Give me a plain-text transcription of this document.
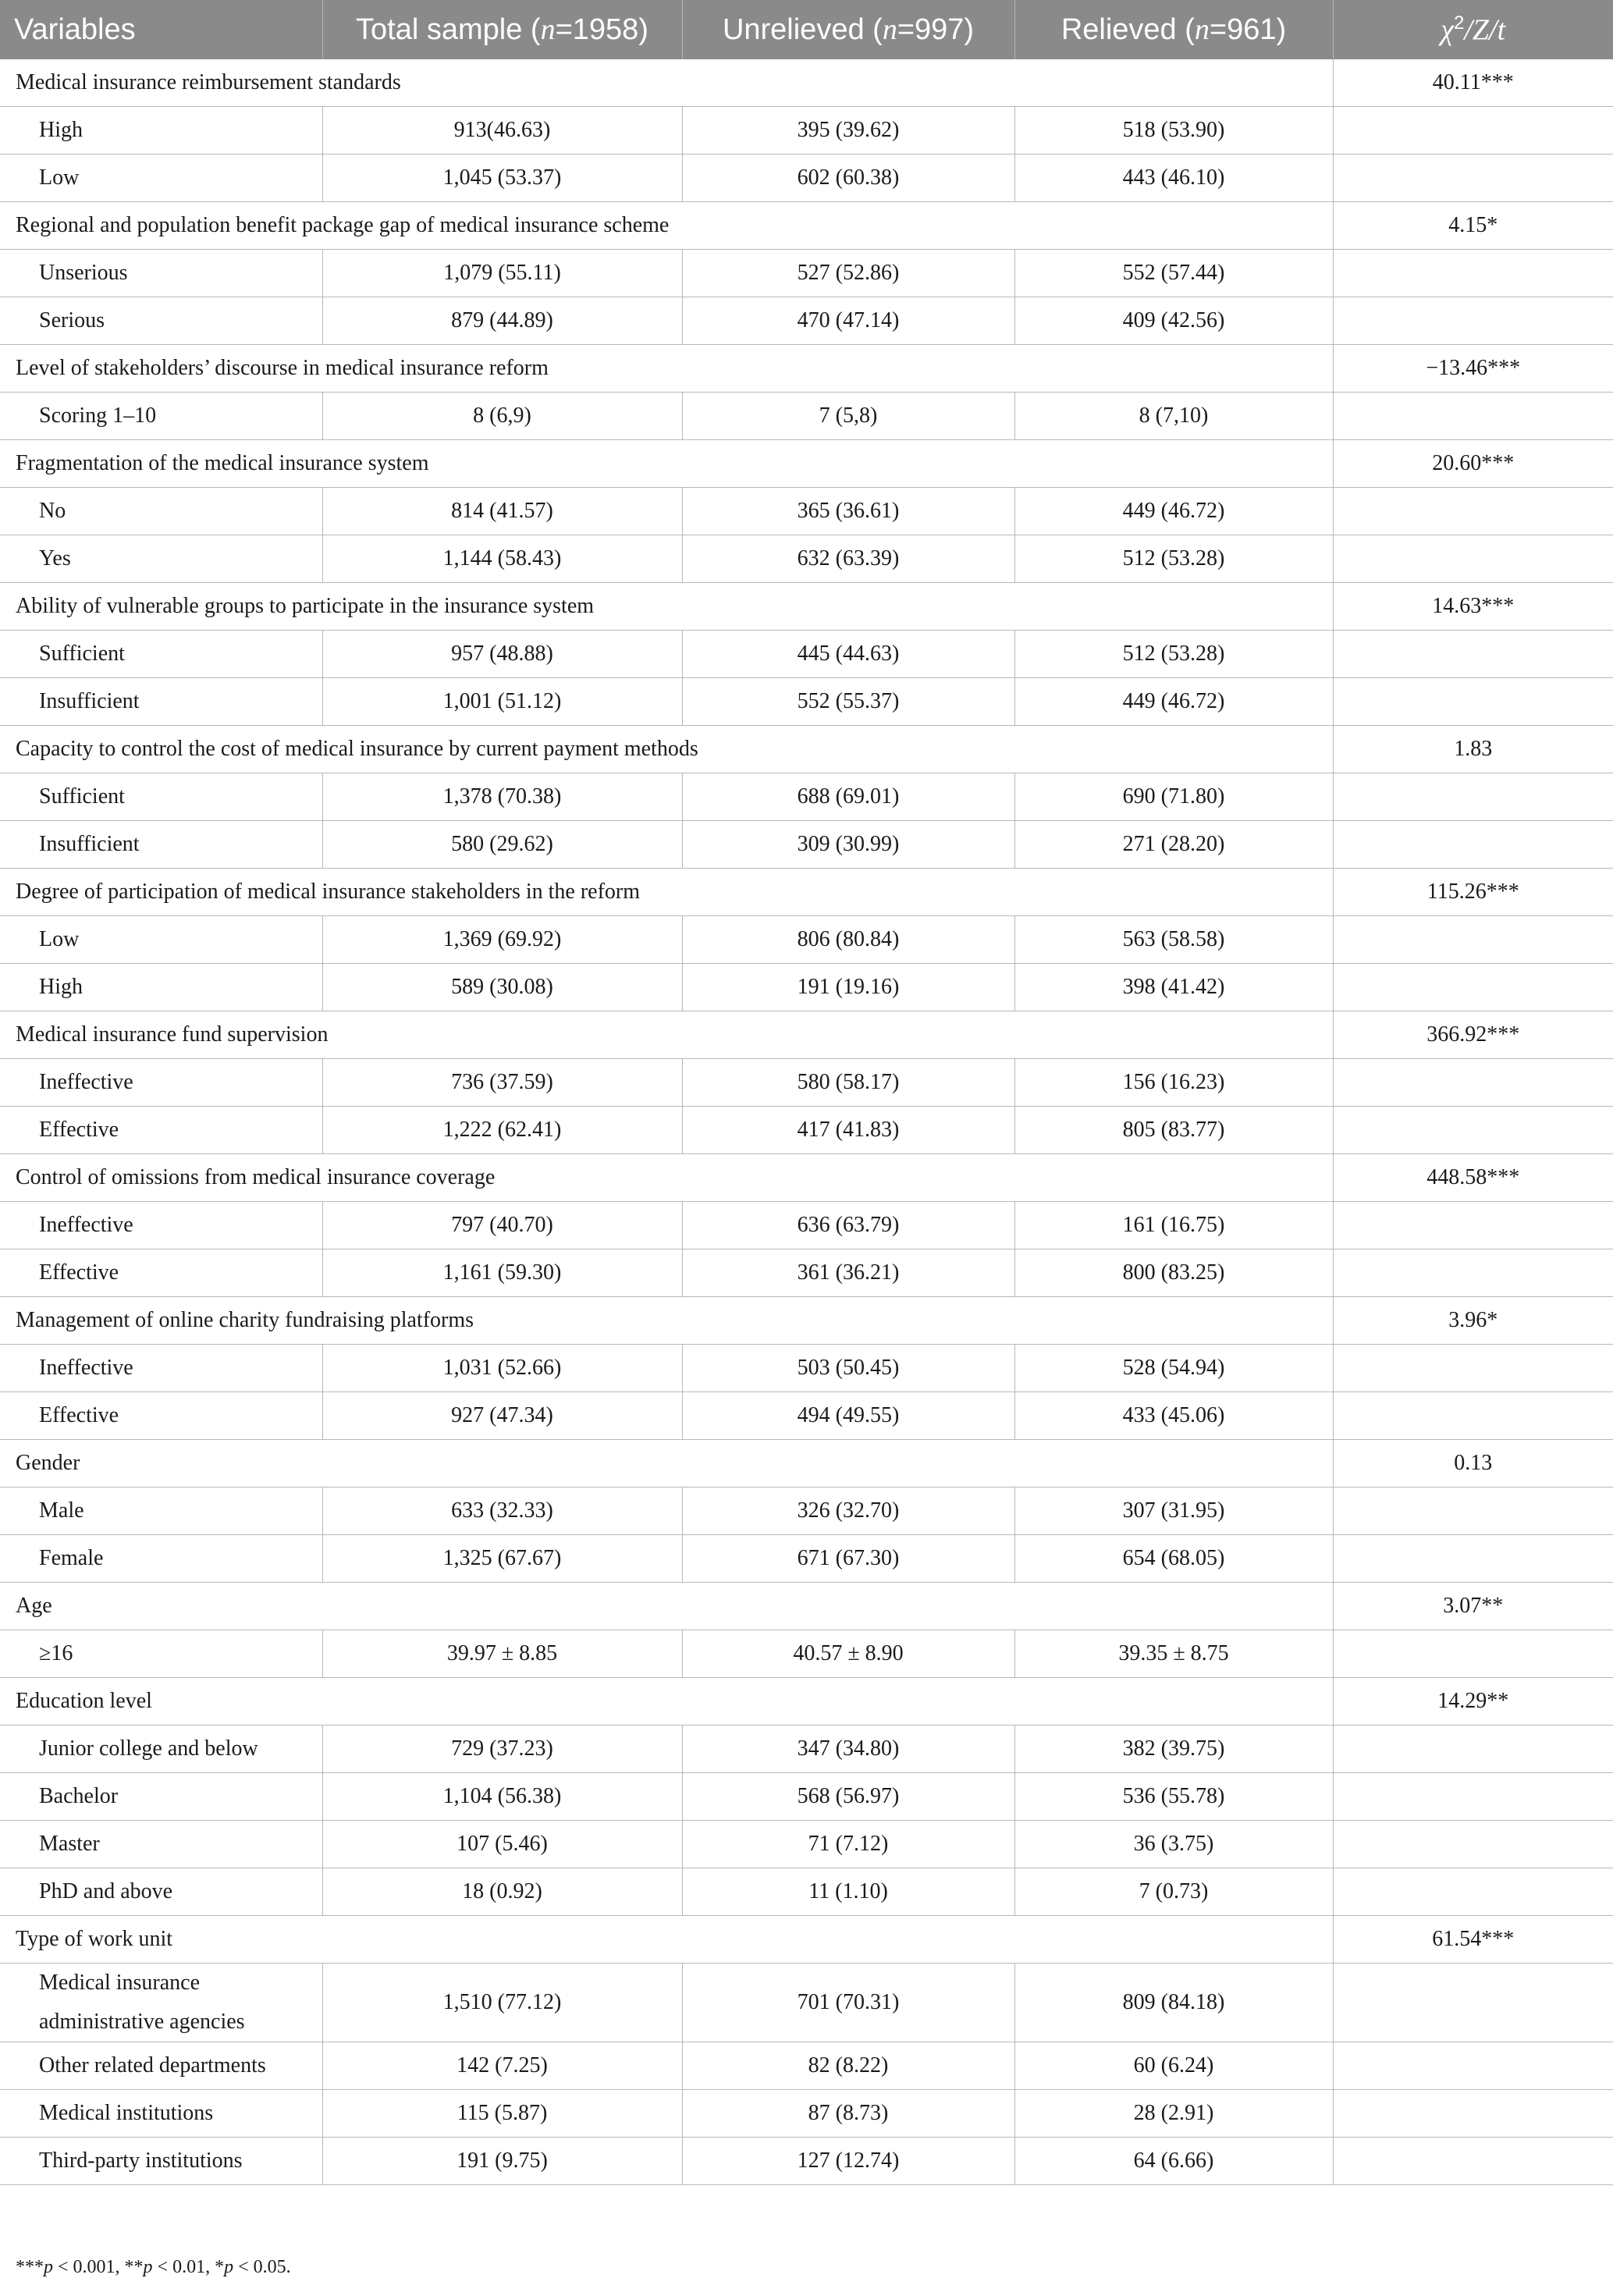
Variables	Total sample (n=1958)	Unrelieved (n=997)	Relieved (n=961)	$\chi^2/Z/t$
Medical insurance reimbursement standards				40.11***
High	913(46.63)	395 (39.62)	518 (53.90)	
Low	1,045 (53.37)	602 (60.38)	443 (46.10)	
Regional and population benefit package gap of medical insurance scheme				4.15*
Unserious	1,079 (55.11)	527 (52.86)	552 (57.44)	
Serious	879 (44.89)	470 (47.14)	409 (42.56)	
Level of stakeholders’ discourse in medical insurance reform				−13.46***
Scoring 1–10	8 (6,9)	7 (5,8)	8 (7,10)	
Fragmentation of the medical insurance system				20.60***
No	814 (41.57)	365 (36.61)	449 (46.72)	
Yes	1,144 (58.43)	632 (63.39)	512 (53.28)	
Ability of vulnerable groups to participate in the insurance system				14.63***
Sufficient	957 (48.88)	445 (44.63)	512 (53.28)	
Insufficient	1,001 (51.12)	552 (55.37)	449 (46.72)	
Capacity to control the cost of medical insurance by current payment methods				1.83
Sufficient	1,378 (70.38)	688 (69.01)	690 (71.80)	
Insufficient	580 (29.62)	309 (30.99)	271 (28.20)	
Degree of participation of medical insurance stakeholders in the reform				115.26***
Low	1,369 (69.92)	806 (80.84)	563 (58.58)	
High	589 (30.08)	191 (19.16)	398 (41.42)	
Medical insurance fund supervision				366.92***
Ineffective	736 (37.59)	580 (58.17)	156 (16.23)	
Effective	1,222 (62.41)	417 (41.83)	805 (83.77)	
Control of omissions from medical insurance coverage				448.58***
Ineffective	797 (40.70)	636 (63.79)	161 (16.75)	
Effective	1,161 (59.30)	361 (36.21)	800 (83.25)	
Management of online charity fundraising platforms				3.96*
Ineffective	1,031 (52.66)	503 (50.45)	528 (54.94)	
Effective	927 (47.34)	494 (49.55)	433 (45.06)	
Gender				0.13
Male	633 (32.33)	326 (32.70)	307 (31.95)	
Female	1,325 (67.67)	671 (67.30)	654 (68.05)	
Age				3.07**
≥16	39.97 ± 8.85	40.57 ± 8.90	39.35 ± 8.75	
Education level				14.29**
Junior college and below	729 (37.23)	347 (34.80)	382 (39.75)	
Bachelor	1,104 (56.38)	568 (56.97)	536 (55.78)	
Master	107 (5.46)	71 (7.12)	36 (3.75)	
PhD and above	18 (0.92)	11 (1.10)	7 (0.73)	
Type of work unit				61.54***
Medical insurance administrative agencies	1,510 (77.12)	701 (70.31)	809 (84.18)	
Other related departments	142 (7.25)	82 (8.22)	60 (6.24)	
Medical institutions	115 (5.87)	87 (8.73)	28 (2.91)	
Third-party institutions	191 (9.75)	127 (12.74)	64 (6.66)	
***p < 0.001, **p < 0.01, *p < 0.05.
